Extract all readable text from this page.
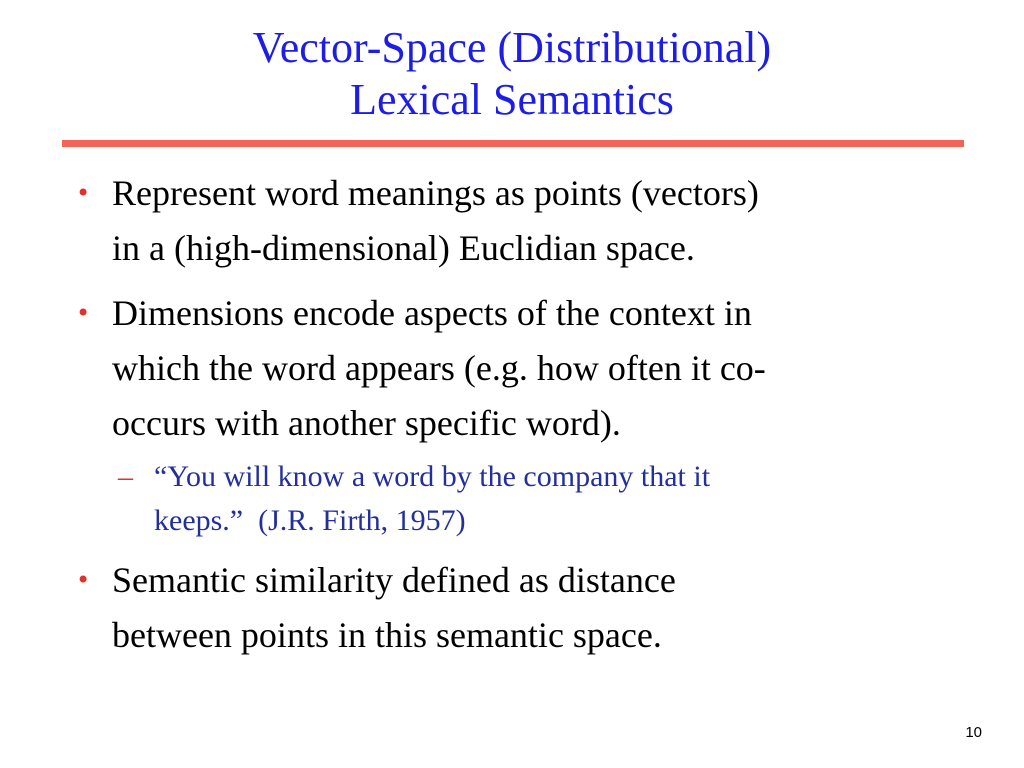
Vector-Space (Distributional)
Lexical Semantics
• Represent word meanings as points (vectors)
in a (high-dimensional) Euclidian space.
• Dimensions encode aspects of the context in
which the word appears (e.g. how often it co-
occurs with another specific word).
– “You will know a word by the company that it
keeps.”  (J.R. Firth, 1957)
• Semantic similarity defined as distance
between points in this semantic space.
10
